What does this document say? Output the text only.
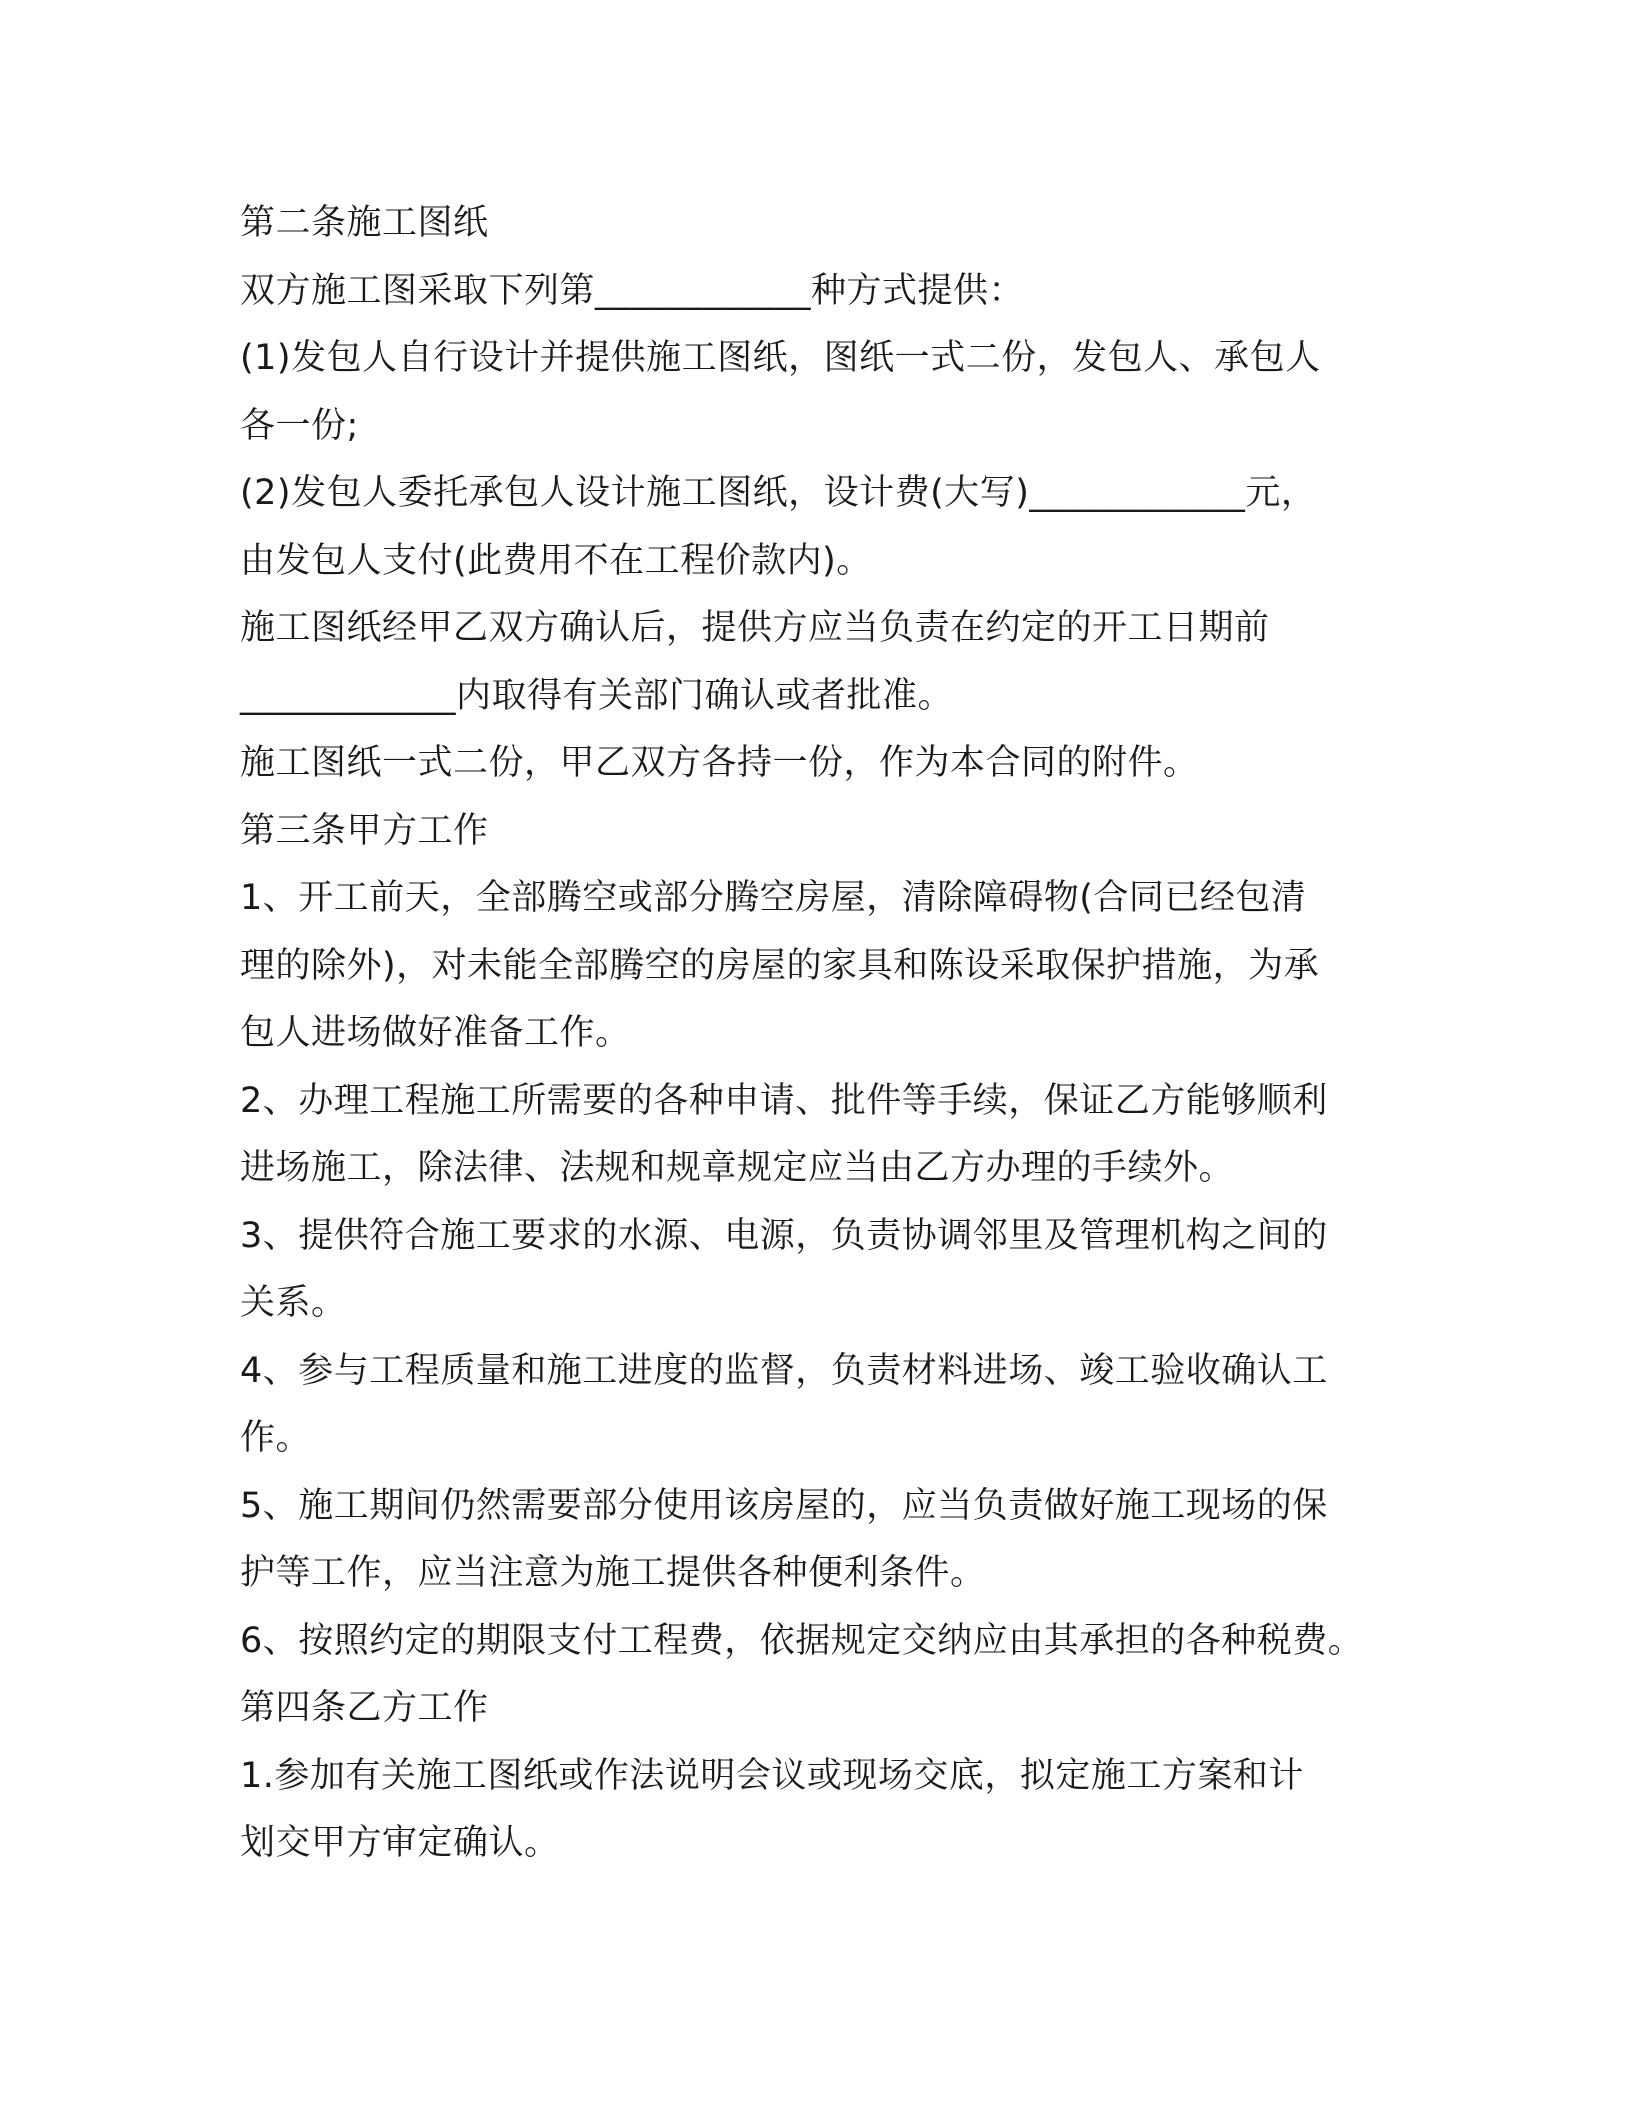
第二条施工图纸
双方施工图采取下列第____________种方式提供：
(1)发包人自行设计并提供施工图纸，图纸一式二份，发包人、承包人
各一份;
(2)发包人委托承包人设计施工图纸，设计费(大写)____________元，
由发包人支付(此费用不在工程价款内)。
施工图纸经甲乙双方确认后，提供方应当负责在约定的开工日期前
____________内取得有关部门确认或者批准。
施工图纸一式二份，甲乙双方各持一份，作为本合同的附件。
第三条甲方工作
1、开工前天，全部腾空或部分腾空房屋，清除障碍物(合同已经包清
理的除外)，对未能全部腾空的房屋的家具和陈设采取保护措施，为承
包人进场做好准备工作。
2、办理工程施工所需要的各种申请、批件等手续，保证乙方能够顺利
进场施工，除法律、法规和规章规定应当由乙方办理的手续外。
3、提供符合施工要求的水源、电源，负责协调邻里及管理机构之间的
关系。
4、参与工程质量和施工进度的监督，负责材料进场、竣工验收确认工
作。
5、施工期间仍然需要部分使用该房屋的，应当负责做好施工现场的保
护等工作，应当注意为施工提供各种便利条件。
6、按照约定的期限支付工程费，依据规定交纳应由其承担的各种税费。
第四条乙方工作
1.参加有关施工图纸或作法说明会议或现场交底，拟定施工方案和计
划交甲方审定确认。
